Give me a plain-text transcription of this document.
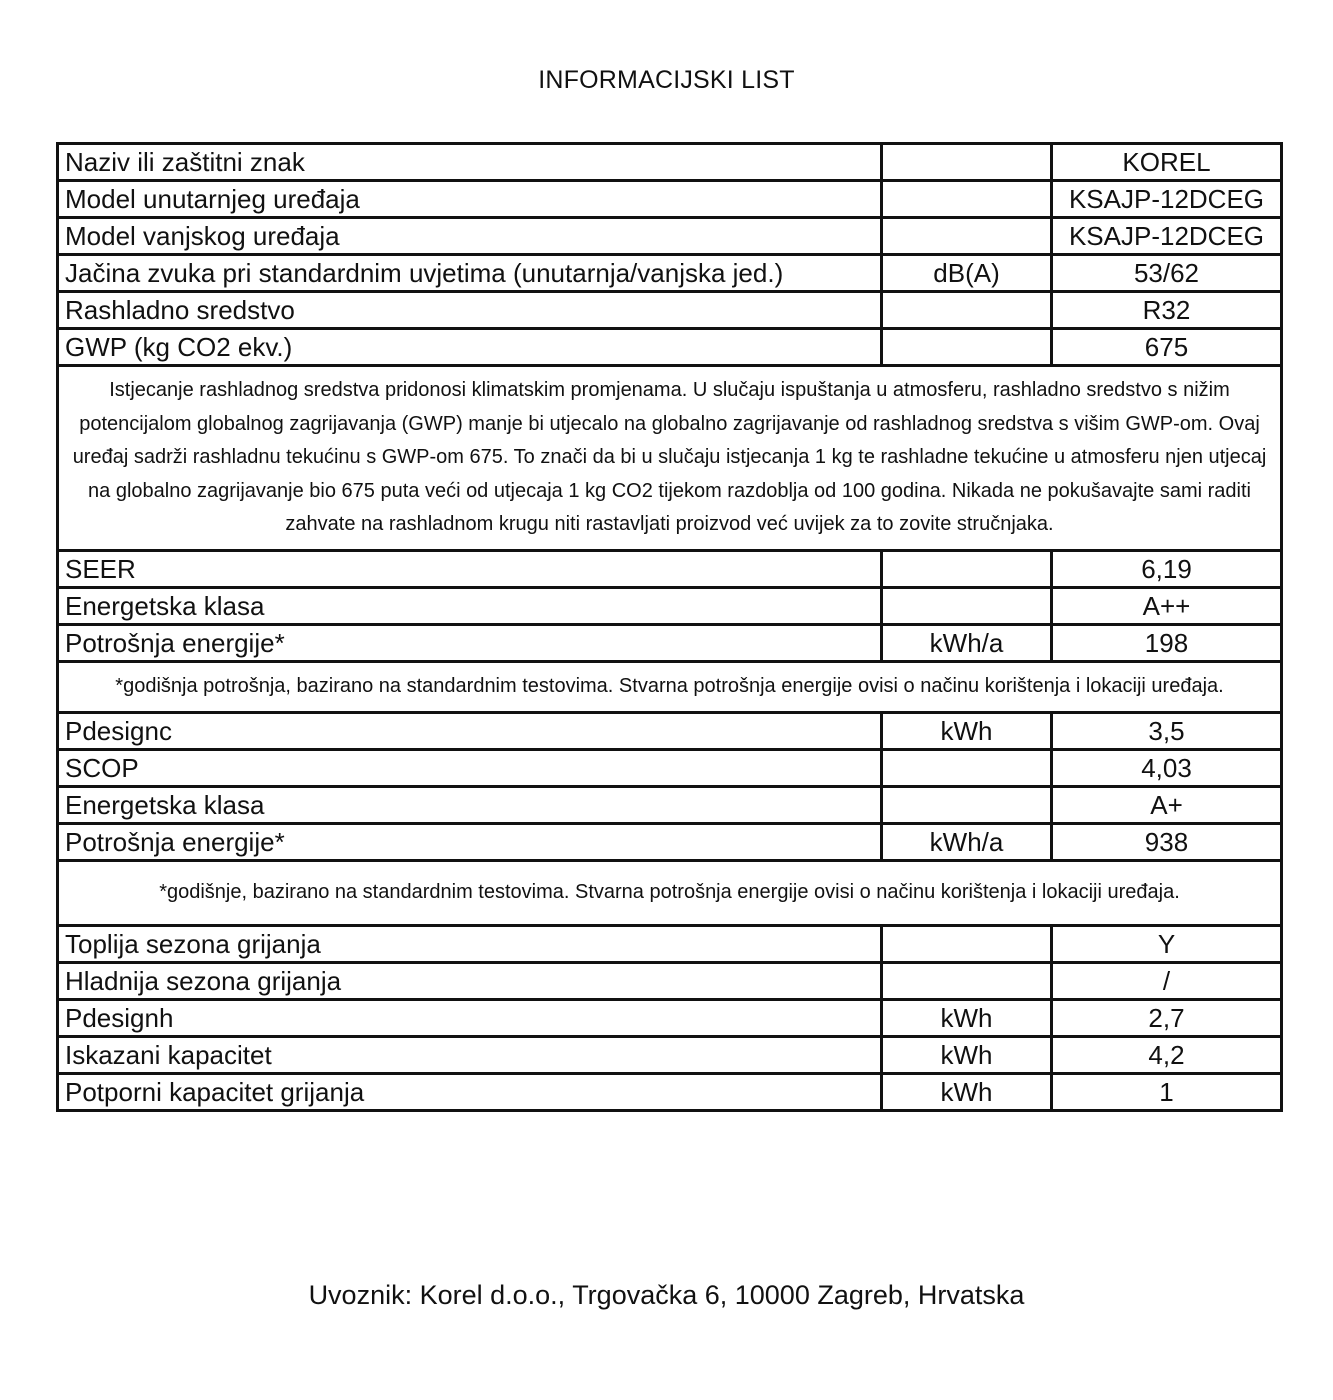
INFORMACIJSKI LIST
Naziv ili zaštitni znak		KOREL
Model unutarnjeg uređaja		KSAJP-12DCEG
Model vanjskog uređaja		KSAJP-12DCEG
Jačina zvuka pri standardnim uvjetima (unutarnja/vanjska jed.)	dB(A)	53/62
Rashladno sredstvo		R32
GWP (kg CO2 ekv.)		675
Istjecanje rashladnog sredstva pridonosi klimatskim promjenama. U slučaju ispuštanja u atmosferu, rashladno sredstvo s nižim potencijalom globalnog zagrijavanja (GWP) manje bi utjecalo na globalno zagrijavanje od rashladnog sredstva s višim GWP-om. Ovaj uređaj sadrži rashladnu tekućinu s GWP-om 675. To znači da bi u slučaju istjecanja 1 kg te rashladne tekućine u atmosferu njen utjecaj na globalno zagrijavanje bio 675 puta veći od utjecaja 1 kg CO2 tijekom razdoblja od 100 godina. Nikada ne pokušavajte sami raditi zahvate na rashladnom krugu niti rastavljati proizvod već uvijek za to zovite stručnjaka.		
SEER		6,19
Energetska klasa		A++
Potrošnja energije*	kWh/a	198
*godišnja potrošnja, bazirano na standardnim testovima. Stvarna potrošnja energije ovisi o načinu korištenja i lokaciji uređaja.		
Pdesignc	kWh	3,5
SCOP		4,03
Energetska klasa		A+
Potrošnja energije*	kWh/a	938
*godišnje, bazirano na standardnim testovima. Stvarna potrošnja energije ovisi o načinu korištenja i lokaciji uređaja.		
Toplija sezona grijanja		Y
Hladnija sezona grijanja		/
Pdesignh	kWh	2,7
Iskazani kapacitet	kWh	4,2
Potporni kapacitet grijanja	kWh	1
Uvoznik: Korel d.o.o., Trgovačka 6, 10000 Zagreb, Hrvatska
